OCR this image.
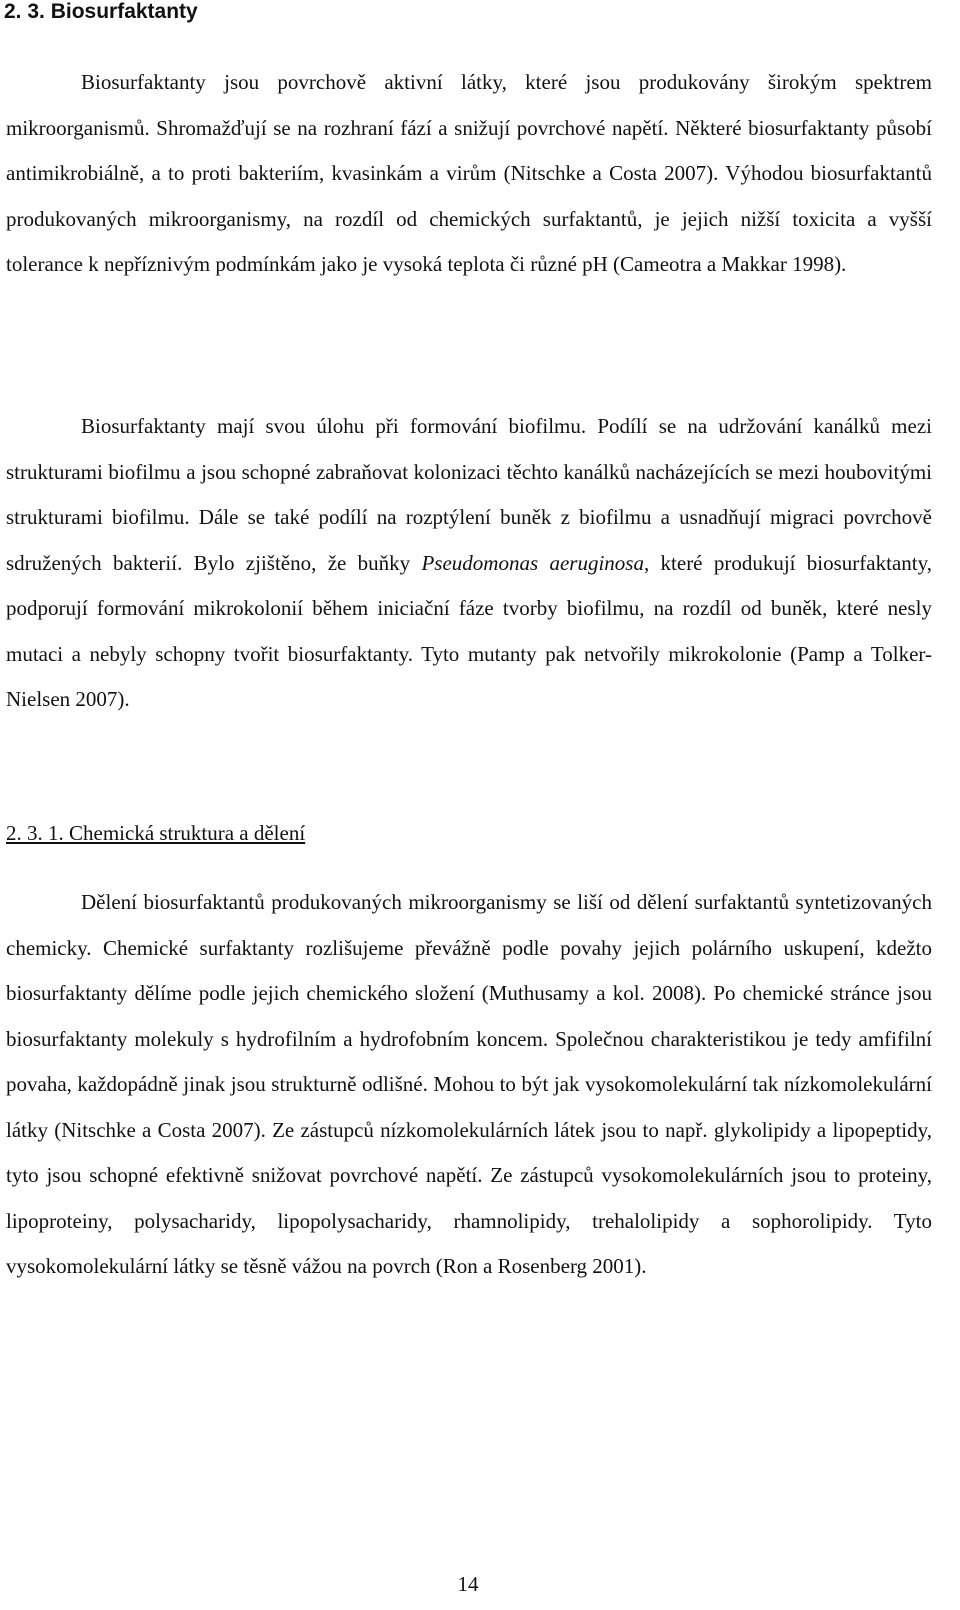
2. 3. Biosurfaktanty

Biosurfaktanty jsou povrchově aktivní látky, které jsou produkovány širokým spektrem mikroorganismů. Shromažďují se na rozhraní fází a snižují povrchové napětí. Některé biosurfaktanty působí antimikrobiálně, a to proti bakteriím, kvasinkám a virům (Nitschke a Costa 2007). Výhodou biosurfaktantů produkovaných mikroorganismy, na rozdíl od chemických surfaktantů, je jejich nižší toxicita a vyšší tolerance k nepříznivým podmínkám jako je vysoká teplota či různé pH (Cameotra a Makkar 1998).

Biosurfaktanty mají svou úlohu při formování biofilmu. Podílí se na udržování kanálků mezi strukturami biofilmu a jsou schopné zabraňovat kolonizaci těchto kanálků nacházejících se mezi houbovitými strukturami biofilmu. Dále se také podílí na rozptýlení buněk z biofilmu a usnadňují migraci povrchově sdružených bakterií. Bylo zjištěno, že buňky Pseudomonas aeruginosa, které produkují biosurfaktanty, podporují formování mikrokolonií během iniciační fáze tvorby biofilmu, na rozdíl od buněk, které nesly mutaci a nebyly schopny tvořit biosurfaktanty. Tyto mutanty pak netvořily mikrokolonie (Pamp a Tolker-Nielsen 2007).

2. 3. 1. Chemická struktura a dělení

Dělení biosurfaktantů produkovaných mikroorganismy se liší od dělení surfaktantů syntetizovaných chemicky. Chemické surfaktanty rozlišujeme převážně podle povahy jejich polárního uskupení, kdežto biosurfaktanty dělíme podle jejich chemického složení (Muthusamy a kol. 2008). Po chemické stránce jsou biosurfaktanty molekuly s hydrofilním a hydrofobním koncem. Společnou charakteristikou je tedy amfifilní povaha, každopádně jinak jsou strukturně odlišné. Mohou to být jak vysokomolekulární tak nízkomolekulární látky (Nitschke a Costa 2007). Ze zástupců nízkomolekulárních látek jsou to např. glykolipidy a lipopeptidy, tyto jsou schopné efektivně snižovat povrchové napětí. Ze zástupců vysokomolekulárních jsou to proteiny, lipoproteiny, polysacharidy, lipopolysacharidy, rhamnolipidy, trehalolipidy a sophorolipidy. Tyto vysokomolekulární látky se těsně vážou na povrch (Ron a Rosenberg 2001).

14
